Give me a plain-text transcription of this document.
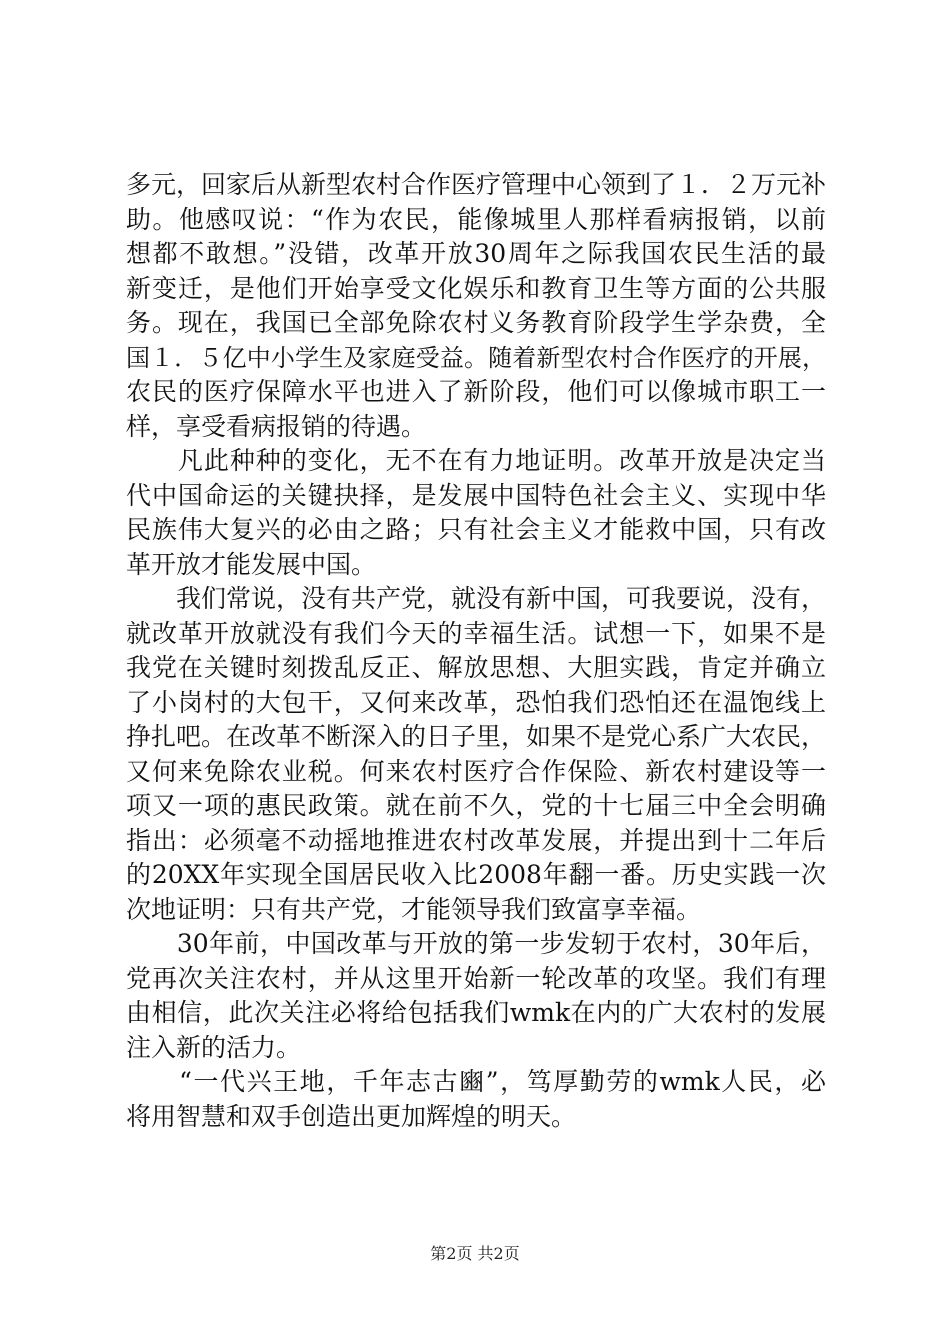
多元，回家后从新型农村合作医疗管理中心领到了１．２万元补
助。他感叹说：“作为农民，能像城里人那样看病报销，以前
想都不敢想。”没错，改革开放30周年之际我国农民生活的最
新变迁，是他们开始享受文化娱乐和教育卫生等方面的公共服
务。现在，我国已全部免除农村义务教育阶段学生学杂费，全
国１．５亿中小学生及家庭受益。随着新型农村合作医疗的开展，
农民的医疗保障水平也进入了新阶段，他们可以像城市职工一
样，享受看病报销的待遇。
　　凡此种种的变化，无不在有力地证明。改革开放是决定当
代中国命运的关键抉择，是发展中国特色社会主义、实现中华
民族伟大复兴的必由之路；只有社会主义才能救中国，只有改
革开放才能发展中国。
　　我们常说，没有共产党，就没有新中国，可我要说，没有，
就改革开放就没有我们今天的幸福生活。试想一下，如果不是
我党在关键时刻拨乱反正、解放思想、大胆实践，肯定并确立
了小岗村的大包干，又何来改革，恐怕我们恐怕还在温饱线上
挣扎吧。在改革不断深入的日子里，如果不是党心系广大农民，
又何来免除农业税。何来农村医疗合作保险、新农村建设等一
项又一项的惠民政策。就在前不久，党的十七届三中全会明确
指出：必须毫不动摇地推进农村改革发展，并提出到十二年后
的20XX年实现全国居民收入比2008年翻一番。历史实践一次
次地证明：只有共产党，才能领导我们致富享幸福。
　　30年前，中国改革与开放的第一步发轫于农村，30年后，
党再次关注农村，并从这里开始新一轮改革的攻坚。我们有理
由相信，此次关注必将给包括我们wmk在内的广大农村的发展
注入新的活力。
　　“一代兴王地，千年志古豳”，笃厚勤劳的wmk人民，必
将用智慧和双手创造出更加辉煌的明天。
第2页 共2页
